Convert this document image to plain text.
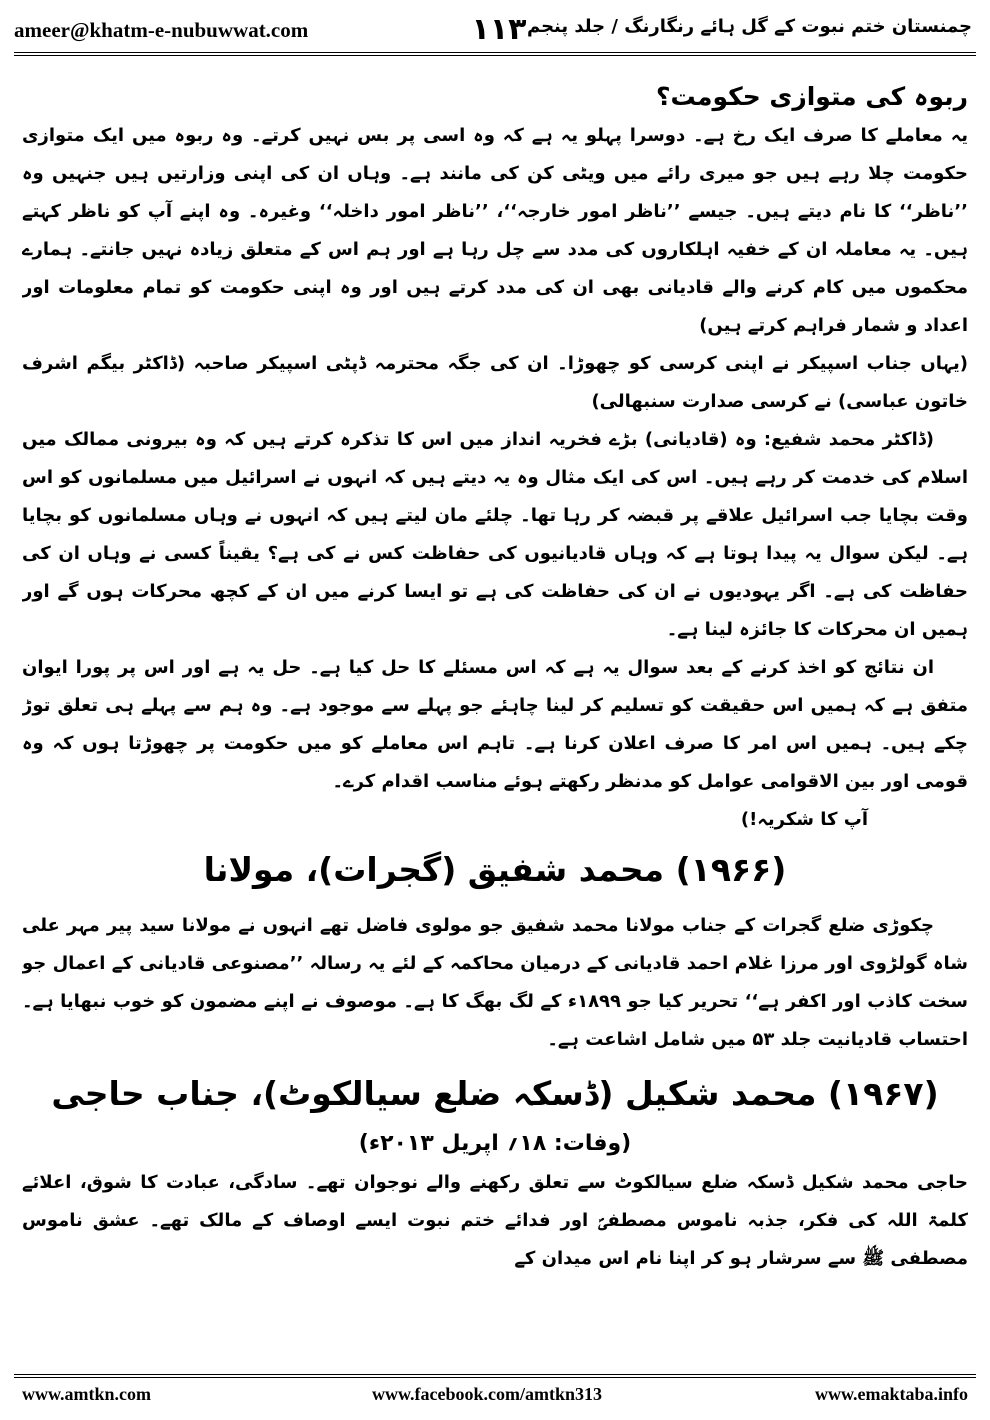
ameer@khatm-e-nubuwwat.com	۱۱۳ چمنستان ختم نبوت کے گل ہائے رنگارنگ / جلد پنجم
ربوہ کی متوازی حکومت؟

یہ معاملے کا صرف ایک رخ ہے۔ دوسرا پہلو یہ ہے کہ وہ اسی پر بس نہیں کرتے۔ وہ ربوہ میں ایک متوازی حکومت چلا رہے ہیں جو میری رائے میں ویٹی کن کی مانند ہے۔ وہاں ان کی اپنی وزارتیں ہیں جنہیں وہ ’’ناظر‘‘ کا نام دیتے ہیں۔ جیسے ’’ناظر امور خارجہ‘‘، ’’ناظر امور داخلہ‘‘ وغیرہ۔ وہ اپنے آپ کو ناظر کہتے ہیں۔ یہ معاملہ ان کے خفیہ اہلکاروں کی مدد سے چل رہا ہے اور ہم اس کے متعلق زیادہ نہیں جانتے۔ ہمارے محکموں میں کام کرنے والے قادیانی بھی ان کی مدد کرتے ہیں اور وہ اپنی حکومت کو تمام معلومات اور اعداد و شمار فراہم کرتے ہیں)

(یہاں جناب اسپیکر نے اپنی کرسی کو چھوڑا۔ ان کی جگہ محترمہ ڈپٹی اسپیکر صاحبہ (ڈاکٹر بیگم اشرف خاتون عباسی) نے کرسی صدارت سنبھالی)

(ڈاکٹر محمد شفیع: وہ (قادیانی) بڑے فخریہ انداز میں اس کا تذکرہ کرتے ہیں کہ وہ بیرونی ممالک میں اسلام کی خدمت کر رہے ہیں۔ اس کی ایک مثال وہ یہ دیتے ہیں کہ انہوں نے اسرائیل میں مسلمانوں کو اس وقت بچایا جب اسرائیل علاقے پر قبضہ کر رہا تھا۔ چلئے مان لیتے ہیں کہ انہوں نے وہاں مسلمانوں کو بچایا ہے۔ لیکن سوال یہ پیدا ہوتا ہے کہ وہاں قادیانیوں کی حفاظت کس نے کی ہے؟ یقیناً کسی نے وہاں ان کی حفاظت کی ہے۔ اگر یہودیوں نے ان کی حفاظت کی ہے تو ایسا کرنے میں ان کے کچھ محرکات ہوں گے اور ہمیں ان محرکات کا جائزہ لینا ہے۔

ان نتائج کو اخذ کرنے کے بعد سوال یہ ہے کہ اس مسئلے کا حل کیا ہے۔ حل یہ ہے اور اس پر پورا ایوان متفق ہے کہ ہمیں اس حقیقت کو تسلیم کر لینا چاہئے جو پہلے سے موجود ہے۔ وہ ہم سے پہلے ہی تعلق توڑ چکے ہیں۔ ہمیں اس امر کا صرف اعلان کرنا ہے۔ تاہم اس معاملے کو میں حکومت پر چھوڑتا ہوں کہ وہ قومی اور بین الاقوامی عوامل کو مدنظر رکھتے ہوئے مناسب اقدام کرے۔

آپ کا شکریہ!)
(۱۹۶۶) محمد شفیق (گجرات)، مولانا

چکوڑی ضلع گجرات کے جناب مولانا محمد شفیق جو مولوی فاضل تھے انہوں نے مولانا سید پیر مہر علی شاہ گولڑوی اور مرزا غلام احمد قادیانی کے درمیان محاکمہ کے لئے یہ رسالہ ’’مصنوعی قادیانی کے اعمال جو سخت کاذب اور اکفر ہے‘‘ تحریر کیا جو ۱۸۹۹ء کے لگ بھگ کا ہے۔ موصوف نے اپنے مضمون کو خوب نبھایا ہے۔ احتساب قادیانیت جلد ۵۳ میں شامل اشاعت ہے۔

(۱۹۶۷) محمد شکیل (ڈسکہ ضلع سیالکوٹ)، جناب حاجی
(وفات: ۱۸؍ اپریل ۲۰۱۳ء)

حاجی محمد شکیل ڈسکہ ضلع سیالکوٹ سے تعلق رکھنے والے نوجوان تھے۔ سادگی، عبادت کا شوق، اعلائے کلمۃ اللہ کی فکر، جذبہ ناموس مصطفیؐ اور فدائے ختم نبوت ایسے اوصاف کے مالک تھے۔ عشق ناموس مصطفی ﷺ سے سرشار ہو کر اپنا نام اس میدان کے

www.amtkn.com	www.facebook.com/amtkn313	www.emaktaba.info
